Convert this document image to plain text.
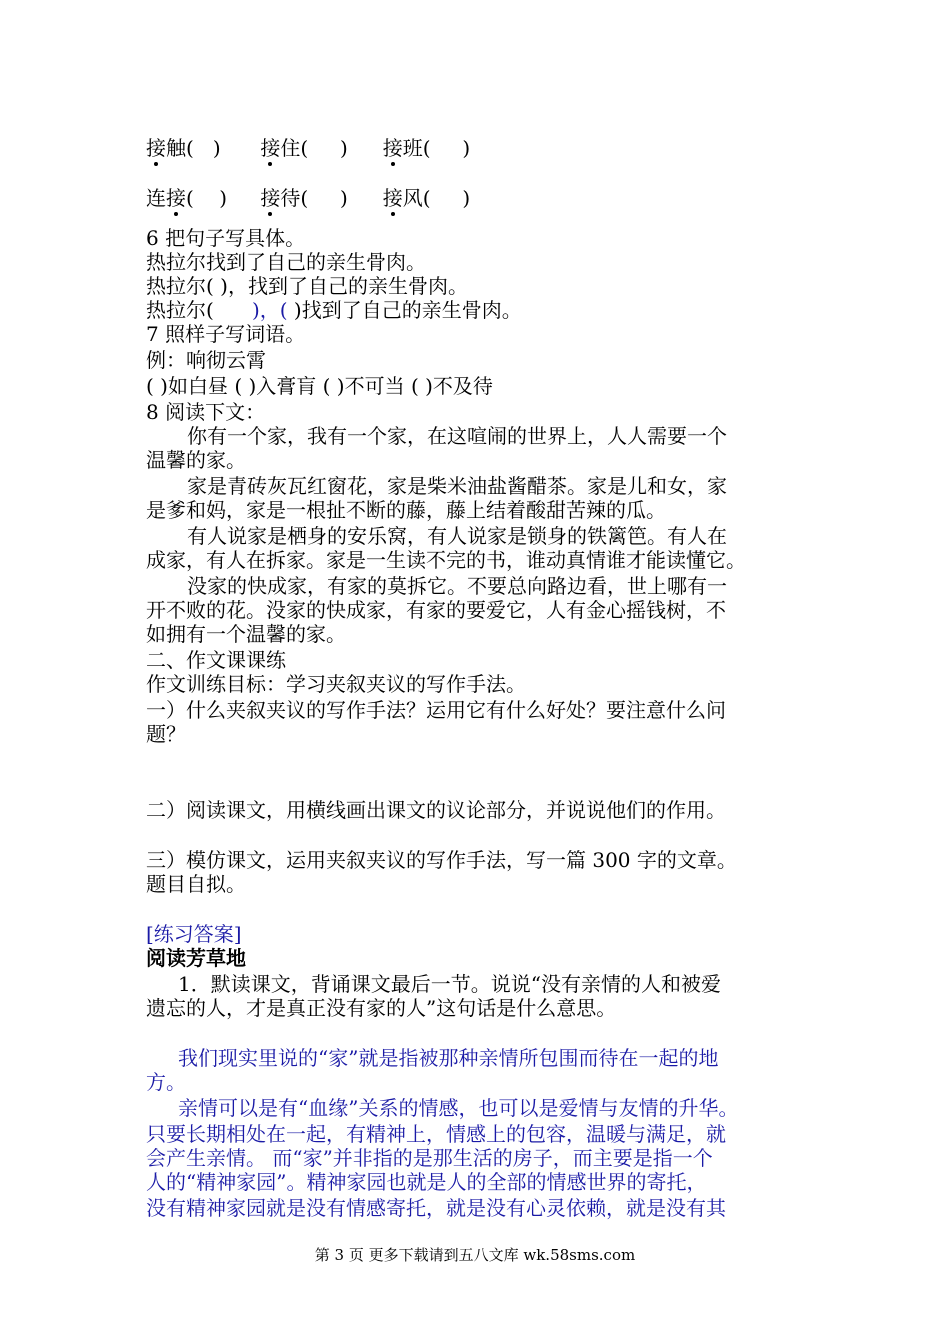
接触( ) 接住( ) 接班( )
连接( ) 接待( ) 接风( )
6 把句子写具体。
热拉尔找到了自己的亲生骨肉。
热拉尔( )，找到了自己的亲生骨肉。
热拉尔( )，( )找到了自己的亲生骨肉。
7 照样子写词语。
例：响彻云霄
( )如白昼 ( )入膏肓 ( )不可当 ( )不及待
8 阅读下文：
你有一个家，我有一个家，在这喧闹的世界上，人人需要一个
温馨的家。
家是青砖灰瓦红窗花，家是柴米油盐酱醋茶。家是儿和女，家
是爹和妈，家是一根扯不断的藤，藤上结着酸甜苦辣的瓜。
有人说家是栖身的安乐窝，有人说家是锁身的铁篱笆。有人在
成家，有人在拆家。家是一生读不完的书，谁动真情谁才能读懂它。
没家的快成家，有家的莫拆它。不要总向路边看，世上哪有一
开不败的花。没家的快成家，有家的要爱它，人有金心摇钱树，不
如拥有一个温馨的家。
二、作文课课练
作文训练目标：学习夹叙夹议的写作手法。
一）什么夹叙夹议的写作手法？运用它有什么好处？要注意什么问
题？
二）阅读课文，用横线画出课文的议论部分，并说说他们的作用。
三）模仿课文，运用夹叙夹议的写作手法，写一篇 300 字的文章。
题目自拟。
[练习答案]
阅读芳草地
1．默读课文，背诵课文最后一节。说说“没有亲情的人和被爱
遗忘的人，才是真正没有家的人”这句话是什么意思。
我们现实里说的“家”就是指被那种亲情所包围而待在一起的地
方。
亲情可以是有“血缘”关系的情感，也可以是爱情与友情的升华。
只要长期相处在一起，有精神上，情感上的包容，温暖与满足，就
会产生亲情。 而“家”并非指的是那生活的房子，而主要是指一个
人的“精神家园”。精神家园也就是人的全部的情感世界的寄托，
没有精神家园就是没有情感寄托，就是没有心灵依赖，就是没有其
第 3 页 更多下载请到五八文库 wk.58sms.com
